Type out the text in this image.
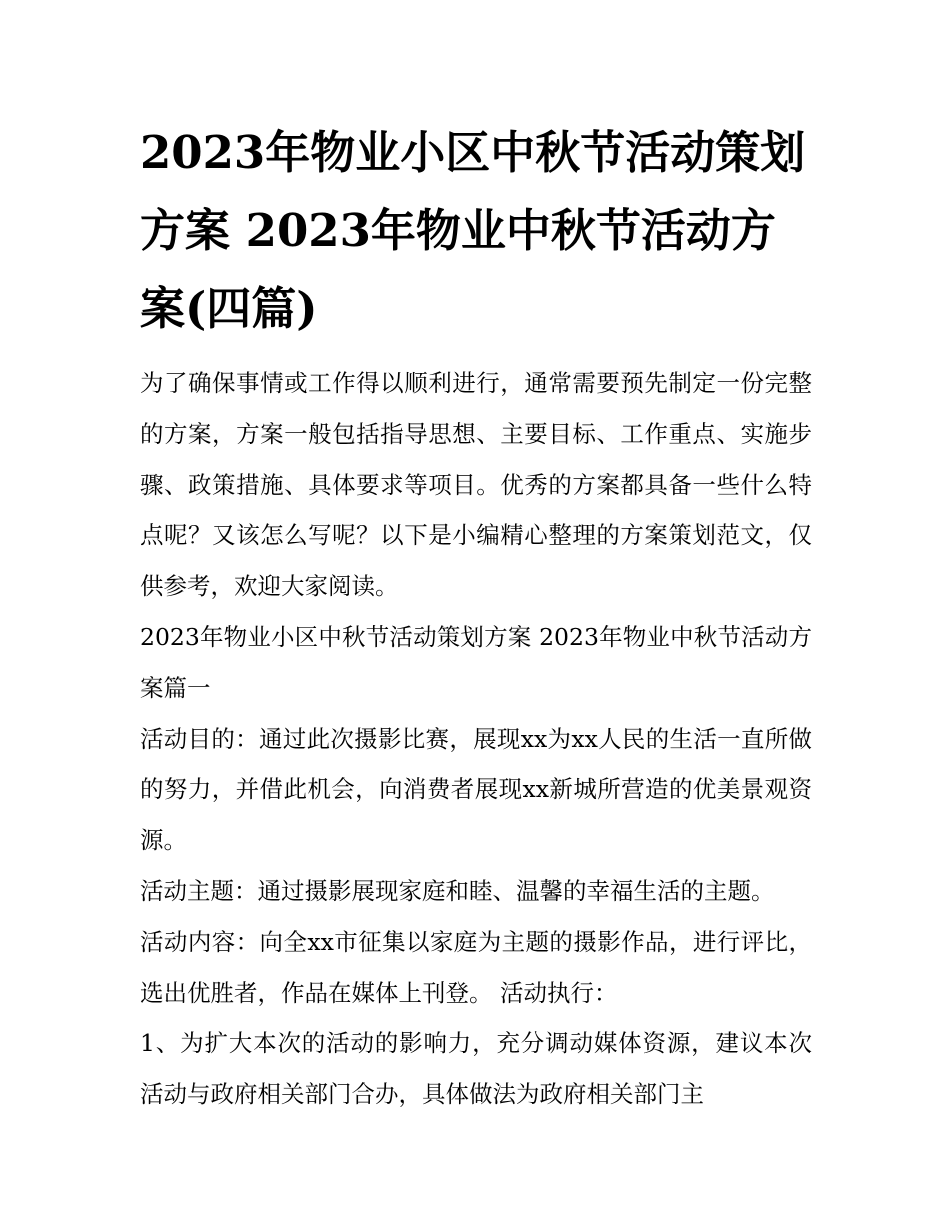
2023年物业小区中秋节活动策划方案 2023年物业中秋节活动方案(四篇)

为了确保事情或工作得以顺利进行，通常需要预先制定一份完整的方案，方案一般包括指导思想、主要目标、工作重点、实施步骤、政策措施、具体要求等项目。优秀的方案都具备一些什么特点呢？又该怎么写呢？以下是小编精心整理的方案策划范文，仅供参考，欢迎大家阅读。

2023年物业小区中秋节活动策划方案 2023年物业中秋节活动方案篇一

活动目的：通过此次摄影比赛，展现xx为xx人民的生活一直所做的努力，并借此机会，向消费者展现xx新城所营造的优美景观资源。

活动主题：通过摄影展现家庭和睦、温馨的幸福生活的主题。

活动内容：向全xx市征集以家庭为主题的摄影作品，进行评比，选出优胜者，作品在媒体上刊登。 活动执行：

1、为扩大本次的活动的影响力，充分调动媒体资源，建议本次活动与政府相关部门合办，具体做法为政府相关部门主
